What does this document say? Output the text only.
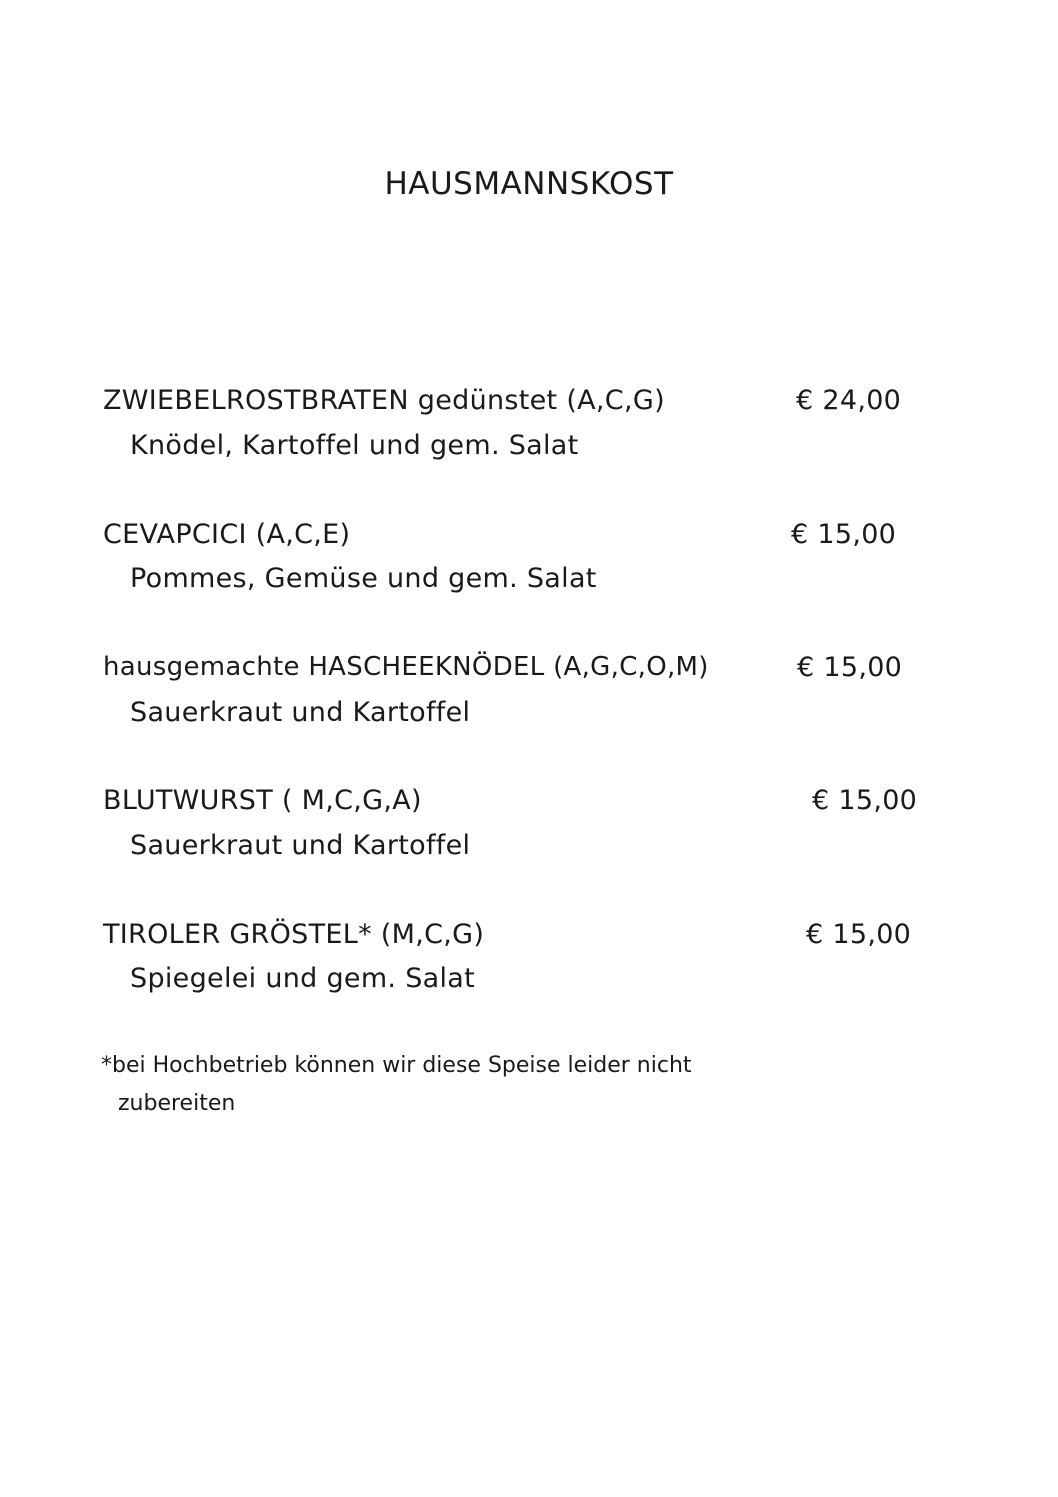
HAUSMANNSKOST
ZWIEBELROSTBRATEN gedünstet (A,C,G)	€ 24,00
Knödel, Kartoffel und gem. Salat
CEVAPCICI (A,C,E)	€ 15,00
Pommes, Gemüse und gem. Salat
hausgemachte HASCHEEKNÖDEL (A,G,C,O,M)	€ 15,00
Sauerkraut und Kartoffel
BLUTWURST ( M,C,G,A)	€ 15,00
Sauerkraut und Kartoffel
TIROLER GRÖSTEL* (M,C,G)	€ 15,00
Spiegelei und gem. Salat
*bei Hochbetrieb können wir diese Speise leider nicht
zubereiten
